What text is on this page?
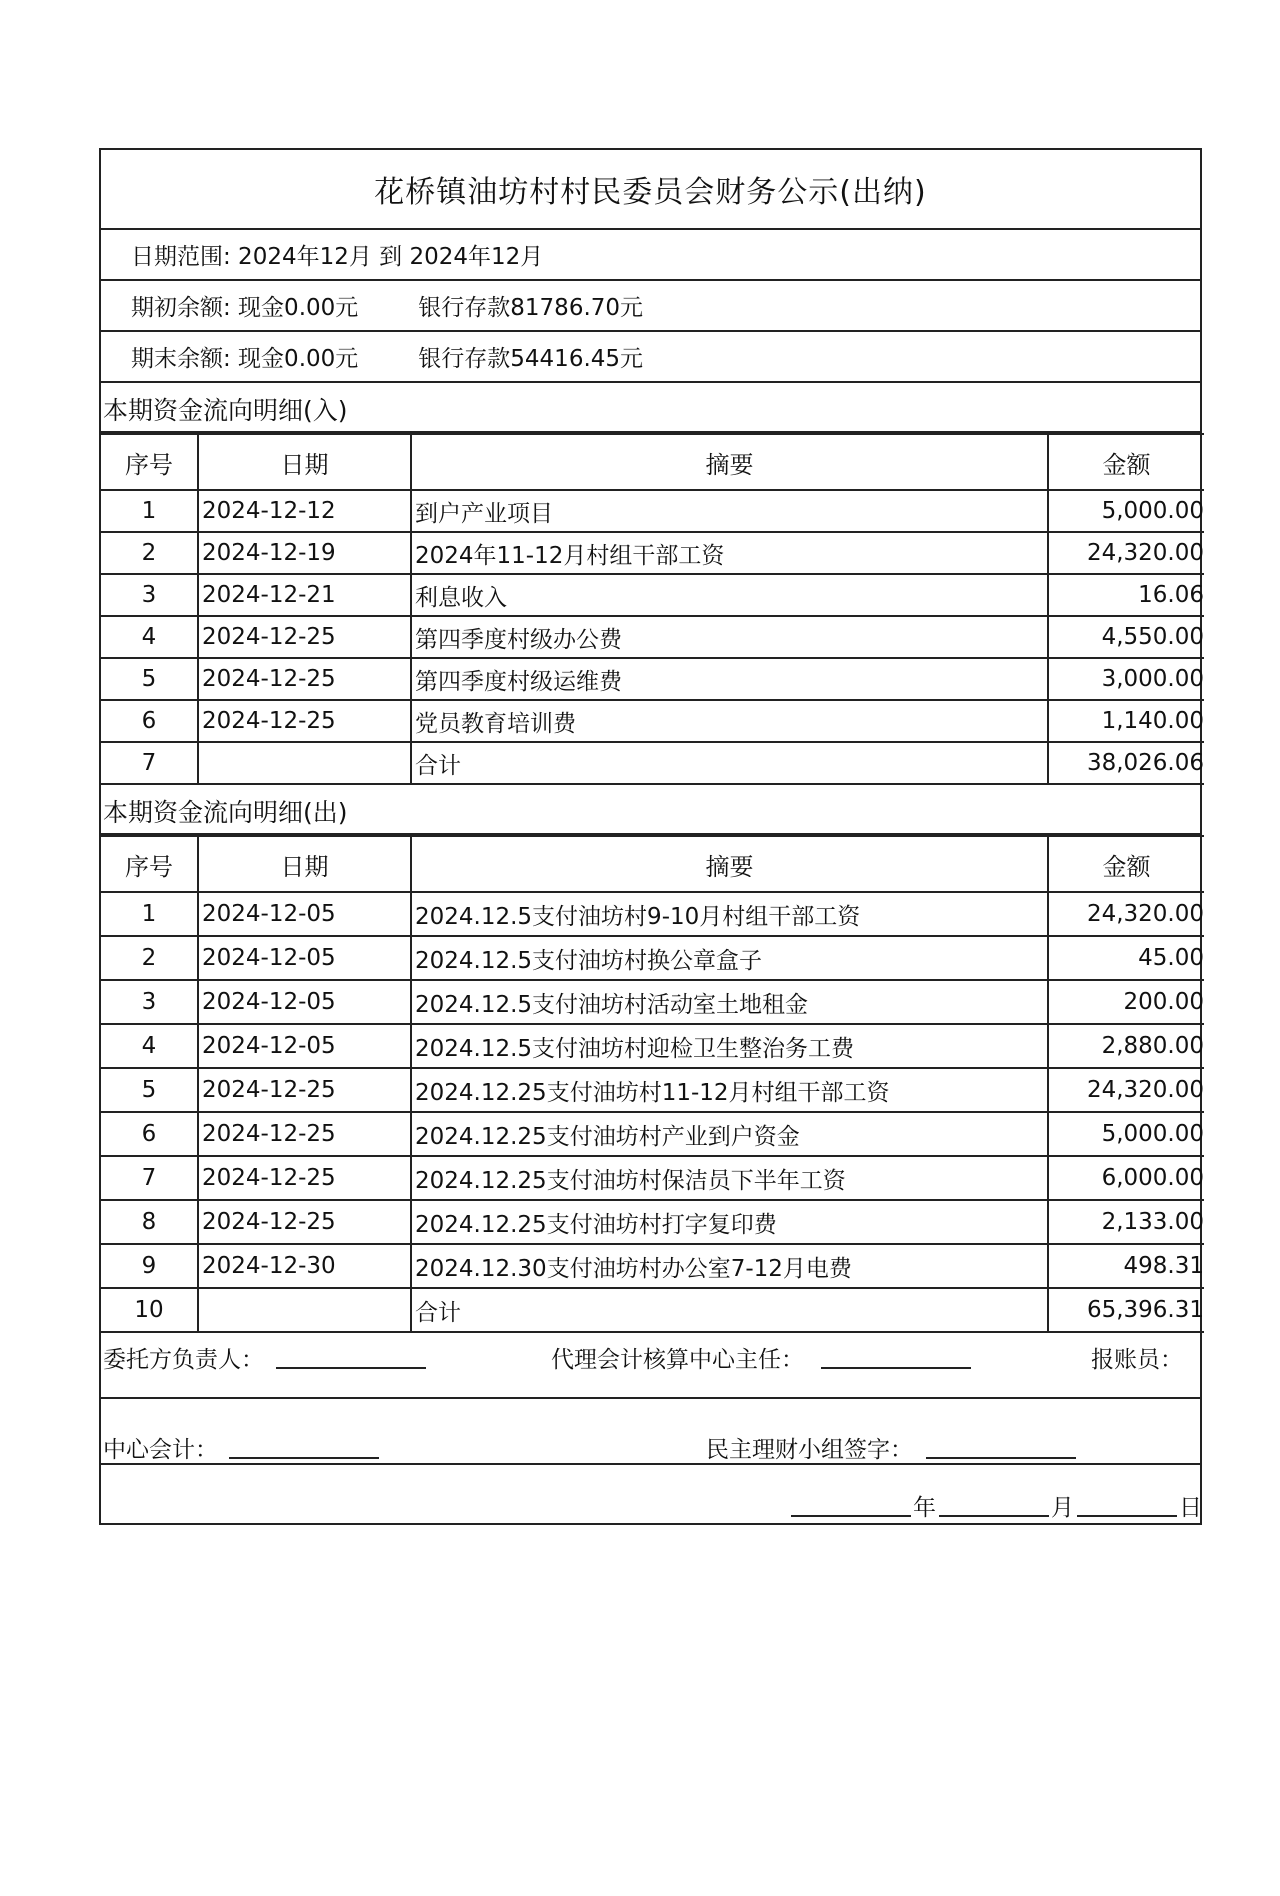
花桥镇油坊村村民委员会财务公示(出纳)
日期范围: 2024年12月 到 2024年12月
期初余额: 现金0.00元	银行存款81786.70元
期末余额: 现金0.00元	银行存款54416.45元
本期资金流向明细(入)
序号	日期	摘要	金额
1	2024-12-12	到户产业项目	5,000.00
2	2024-12-19	2024年11-12月村组干部工资	24,320.00
3	2024-12-21	利息收入	16.06
4	2024-12-25	第四季度村级办公费	4,550.00
5	2024-12-25	第四季度村级运维费	3,000.00
6	2024-12-25	党员教育培训费	1,140.00
7		合计	38,026.06
本期资金流向明细(出)
序号	日期	摘要	金额
1	2024-12-05	2024.12.5支付油坊村9-10月村组干部工资	24,320.00
2	2024-12-05	2024.12.5支付油坊村换公章盒子	45.00
3	2024-12-05	2024.12.5支付油坊村活动室土地租金	200.00
4	2024-12-05	2024.12.5支付油坊村迎检卫生整治务工费	2,880.00
5	2024-12-25	2024.12.25支付油坊村11-12月村组干部工资	24,320.00
6	2024-12-25	2024.12.25支付油坊村产业到户资金	5,000.00
7	2024-12-25	2024.12.25支付油坊村保洁员下半年工资	6,000.00
8	2024-12-25	2024.12.25支付油坊村打字复印费	2,133.00
9	2024-12-30	2024.12.30支付油坊村办公室7-12月电费	498.31
10		合计	65,396.31
委托方负责人：	代理会计核算中心主任：	报账员：
中心会计：	民主理财小组签字：
年	月	日
